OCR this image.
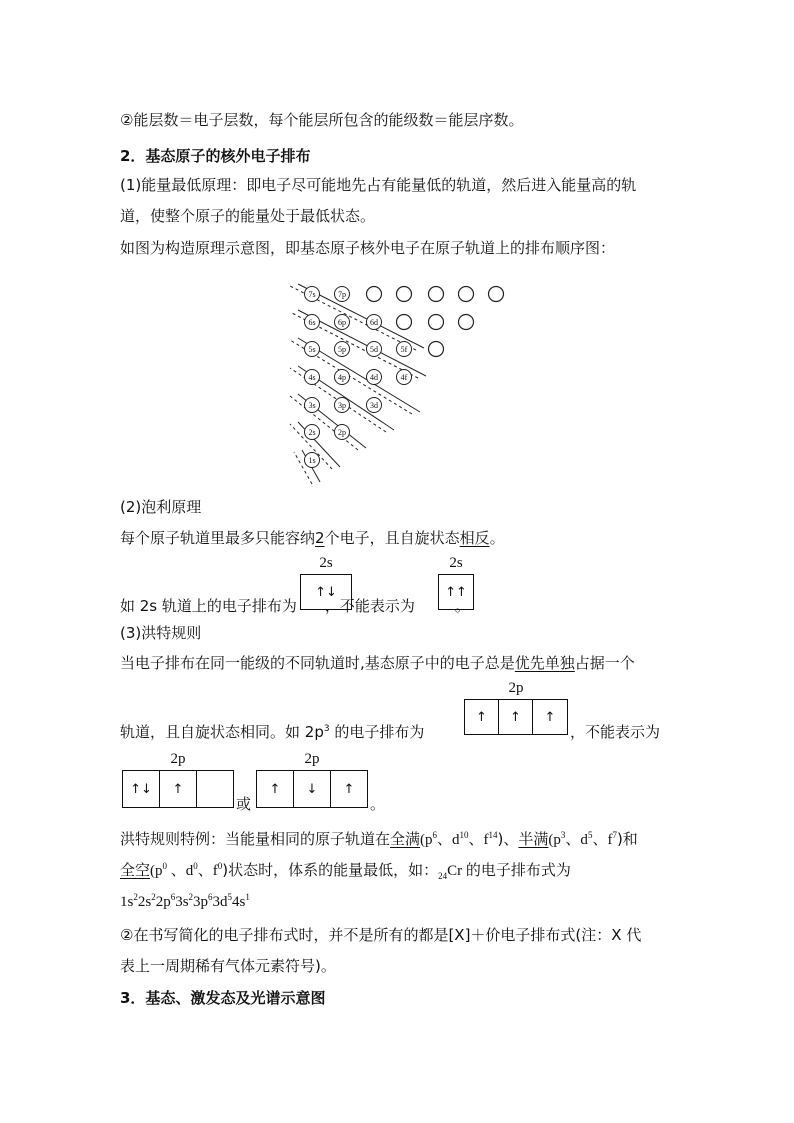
②能层数＝电子层数，每个能层所包含的能级数＝能层序数。
2．基态原子的核外电子排布
(1)能量最低原理：即电子尽可能地先占有能量低的轨道，然后进入能量高的轨
道，使整个原子的能量处于最低状态。
如图为构造原理示意图，即基态原子核外电子在原子轨道上的排布顺序图：
7s	7p
6s	6p	6d
5s	5p	5d	5f
4s	4p	4d	4f
3s	3p	3d
2s	2p
1s
(2)泡利原理
每个原子轨道里最多只能容纳2个电子，且自旋状态相反。
2s
↑↓
2s
↑↑
如 2s 轨道上的电子排布为 ，不能表示为	。
(3)洪特规则
当电子排布在同一能级的不同轨道时,基态原子中的电子总是优先单独占据一个
2p
↑	↑	↑
轨道，且自旋状态相同。如 $2p^3$ 的电子排布为	，不能表示为
2p
↑↓	↑
或
2p
↑	↓	↑
。
洪特规则特例：当能量相同的原子轨道在全满($p^6$、$d^{10}$、$f^{14}$)、半满($p^3$、$d^5$、$f^7$)和
全空($p^0$ 、$d^0$、$f^0$)状态时，体系的能量最低，如：$_{24}$Cr 的电子排布式为
$1s^22s^22p^63s^23p^63d^54s^1$
②在书写简化的电子排布式时，并不是所有的都是[X]＋价电子排布式(注：X 代
表上一周期稀有气体元素符号)。
3．基态、激发态及光谱示意图
